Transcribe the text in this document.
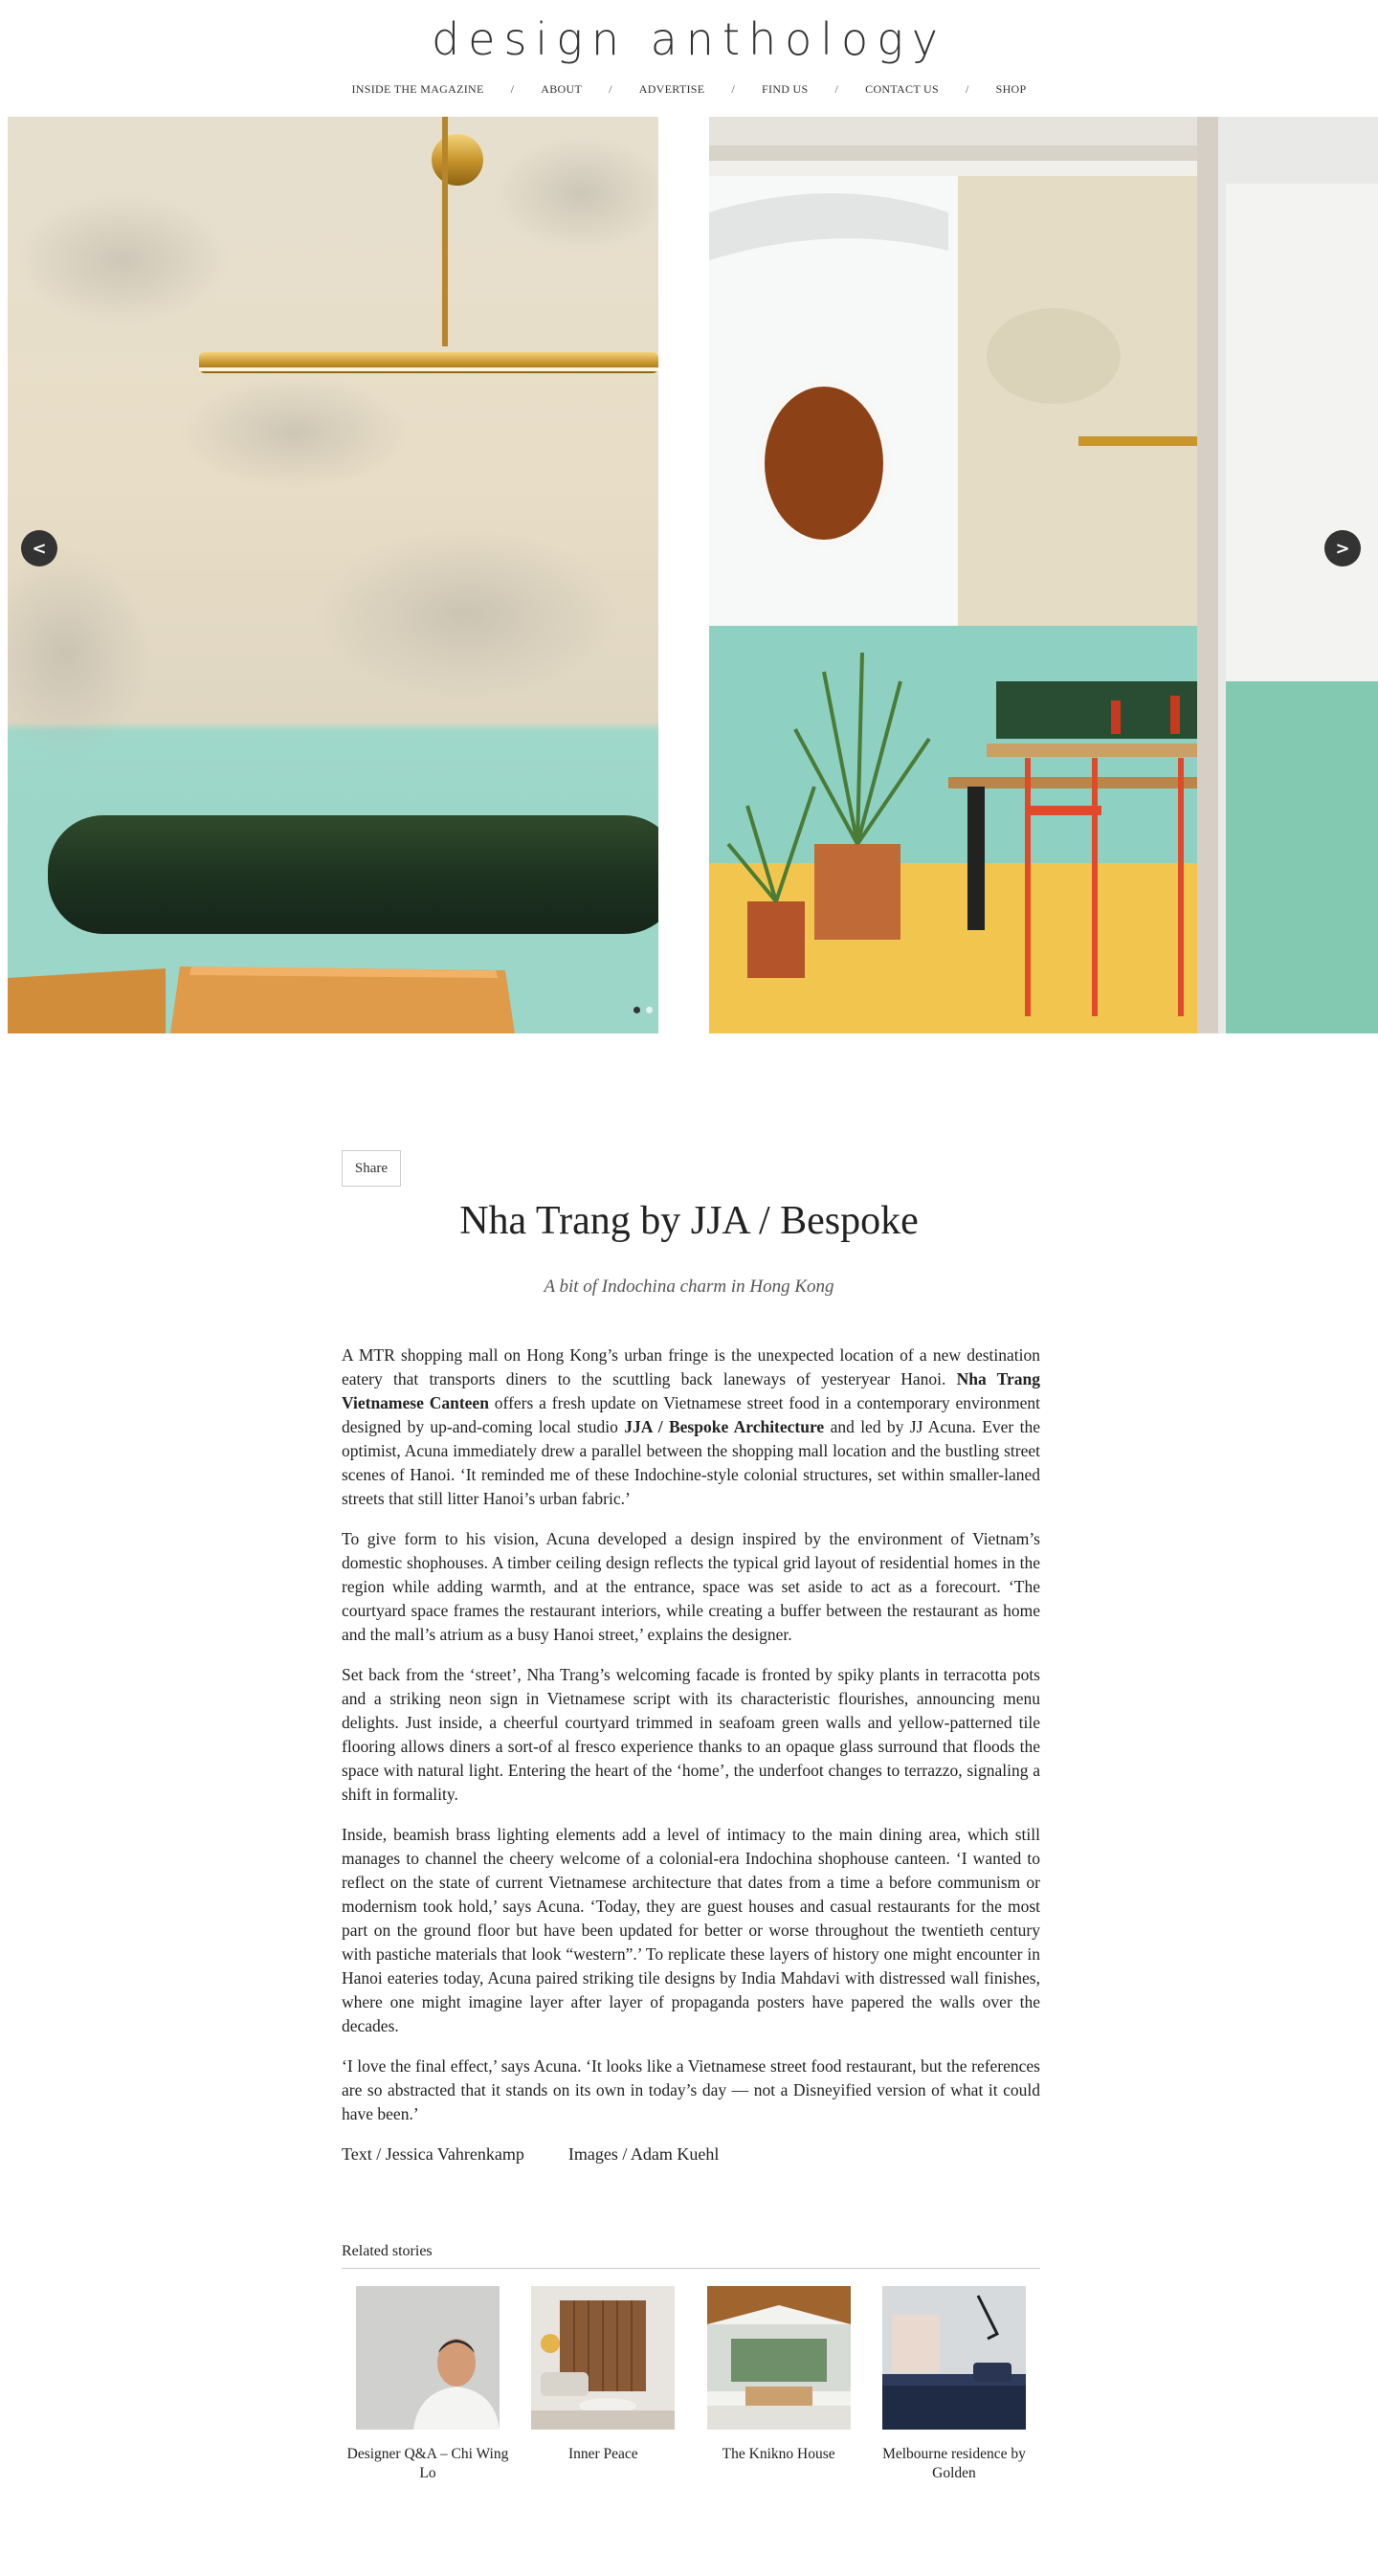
design anthology
INSIDE THE MAGAZINE	/	ABOUT	/	ADVERTISE	/	FIND US	/	CONTACT US	/	SHOP
<	>
Share
Nha Trang by JJA / Bespoke
A bit of Indochina charm in Hong Kong

A MTR shopping mall on Hong Kong’s urban fringe is the unexpected location of a new destination eatery that transports diners to the scuttling back laneways of yesteryear Hanoi. Nha Trang Vietnamese Canteen offers a fresh update on Vietnamese street food in a contemporary environment designed by up-and-coming local studio JJA / Bespoke Architecture and led by JJ Acuna. Ever the optimist, Acuna immediately drew a parallel between the shopping mall location and the bustling street scenes of Hanoi. ‘It reminded me of these Indochine-style colonial structures, set within smaller-laned streets that still litter Hanoi’s urban fabric.’

To give form to his vision, Acuna developed a design inspired by the environment of Vietnam’s domestic shophouses. A timber ceiling design reflects the typical grid layout of residential homes in the region while adding warmth, and at the entrance, space was set aside to act as a forecourt. ‘The courtyard space frames the restaurant interiors, while creating a buffer between the restaurant as home and the mall’s atrium as a busy Hanoi street,’ explains the designer.

Set back from the ‘street’, Nha Trang’s welcoming facade is fronted by spiky plants in terracotta pots and a striking neon sign in Vietnamese script with its characteristic flourishes, announcing menu delights. Just inside, a cheerful courtyard trimmed in seafoam green walls and yellow-patterned tile flooring allows diners a sort-of al fresco experience thanks to an opaque glass surround that floods the space with natural light. Entering the heart of the ‘home’, the underfoot changes to terrazzo, signaling a shift in formality.

Inside, beamish brass lighting elements add a level of intimacy to the main dining area, which still manages to channel the cheery welcome of a colonial-era Indochina shophouse canteen. ‘I wanted to reflect on the state of current Vietnamese architecture that dates from a time a before communism or modernism took hold,’ says Acuna. ‘Today, they are guest houses and casual restaurants for the most part on the ground floor but have been updated for better or worse throughout the twentieth century with pastiche materials that look “western”.’ To replicate these layers of history one might encounter in Hanoi eateries today, Acuna paired striking tile designs by India Mahdavi with distressed wall finishes, where one might imagine layer after layer of propaganda posters have papered the walls over the decades.

‘I love the final effect,’ says Acuna. ‘It looks like a Vietnamese street food restaurant, but the references are so abstracted that it stands on its own in today’s day — not a Disneyified version of what it could have been.’

Text / Jessica Vahrenkamp	Images / Adam Kuehl
Related stories
Designer Q&A – Chi Wing Lo
Inner Peace	The Knikno House	Melbourne residence by Golden
